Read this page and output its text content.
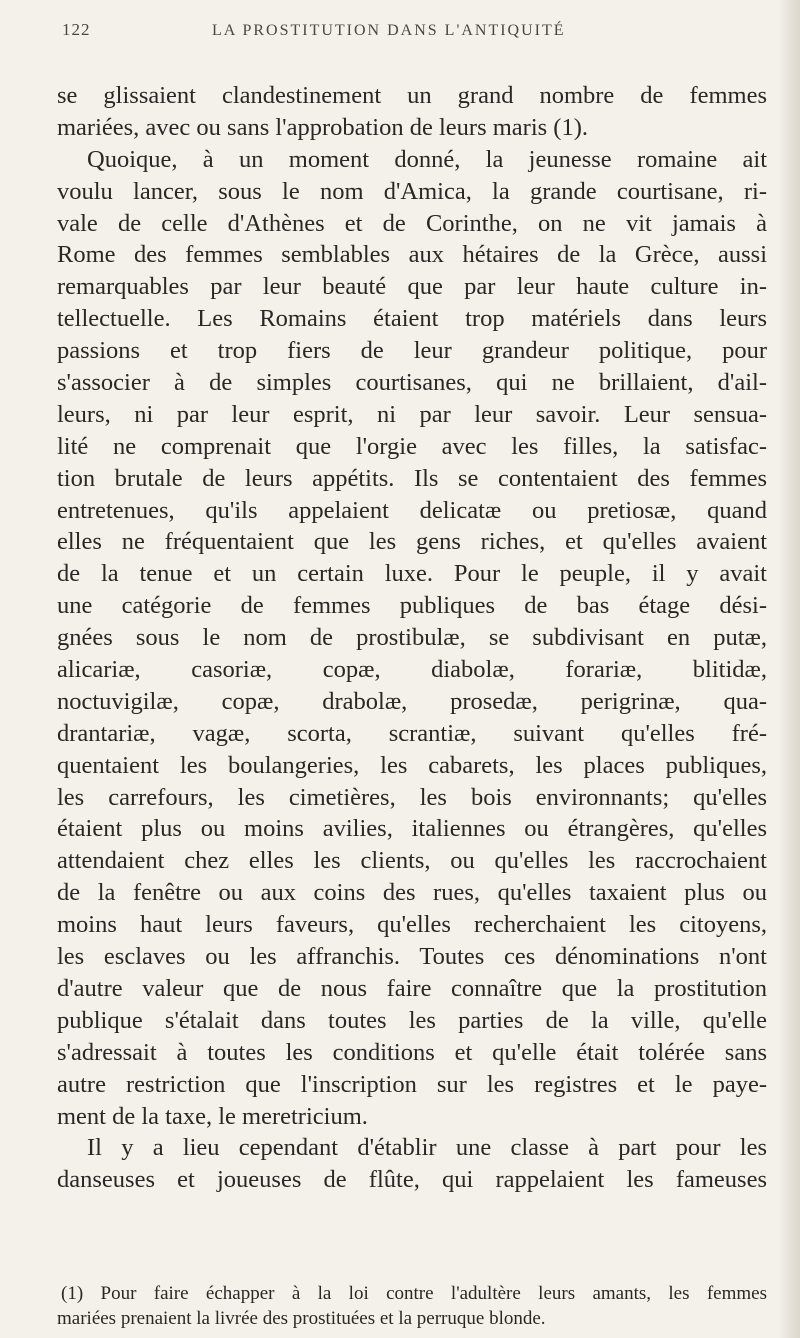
122	LA PROSTITUTION DANS L'ANTIQUITÉ
se glissaient clandestinement un grand nombre de femmes
mariées, avec ou sans l'approbation de leurs maris (1).
Quoique, à un moment donné, la jeunesse romaine ait
voulu lancer, sous le nom d'Amica, la grande courtisane, ri-
vale de celle d'Athènes et de Corinthe, on ne vit jamais à
Rome des femmes semblables aux hétaires de la Grèce, aussi
remarquables par leur beauté que par leur haute culture in-
tellectuelle. Les Romains étaient trop matériels dans leurs
passions et trop fiers de leur grandeur politique, pour
s'associer à de simples courtisanes, qui ne brillaient, d'ail-
leurs, ni par leur esprit, ni par leur savoir. Leur sensua-
lité ne comprenait que l'orgie avec les filles, la satisfac-
tion brutale de leurs appétits. Ils se contentaient des femmes
entretenues, qu'ils appelaient delicatæ ou pretiosæ, quand
elles ne fréquentaient que les gens riches, et qu'elles avaient
de la tenue et un certain luxe. Pour le peuple, il y avait
une catégorie de femmes publiques de bas étage dési-
gnées sous le nom de prostibulæ, se subdivisant en putæ,
alicariæ, casoriæ, copæ, diabolæ, forariæ, blitidæ,
noctuvigilæ, copæ, drabolæ, prosedæ, perigrinæ, qua-
drantariæ, vagæ, scorta, scrantiæ, suivant qu'elles fré-
quentaient les boulangeries, les cabarets, les places publiques,
les carrefours, les cimetières, les bois environnants; qu'elles
étaient plus ou moins avilies, italiennes ou étrangères, qu'elles
attendaient chez elles les clients, ou qu'elles les raccrochaient
de la fenêtre ou aux coins des rues, qu'elles taxaient plus ou
moins haut leurs faveurs, qu'elles recherchaient les citoyens,
les esclaves ou les affranchis. Toutes ces dénominations n'ont
d'autre valeur que de nous faire connaître que la prostitution
publique s'étalait dans toutes les parties de la ville, qu'elle
s'adressait à toutes les conditions et qu'elle était tolérée sans
autre restriction que l'inscription sur les registres et le paye-
ment de la taxe, le meretricium.
Il y a lieu cependant d'établir une classe à part pour les
danseuses et joueuses de flûte, qui rappelaient les fameuses
(1) Pour faire échapper à la loi contre l'adultère leurs amants, les femmes
mariées prenaient la livrée des prostituées et la perruque blonde.
